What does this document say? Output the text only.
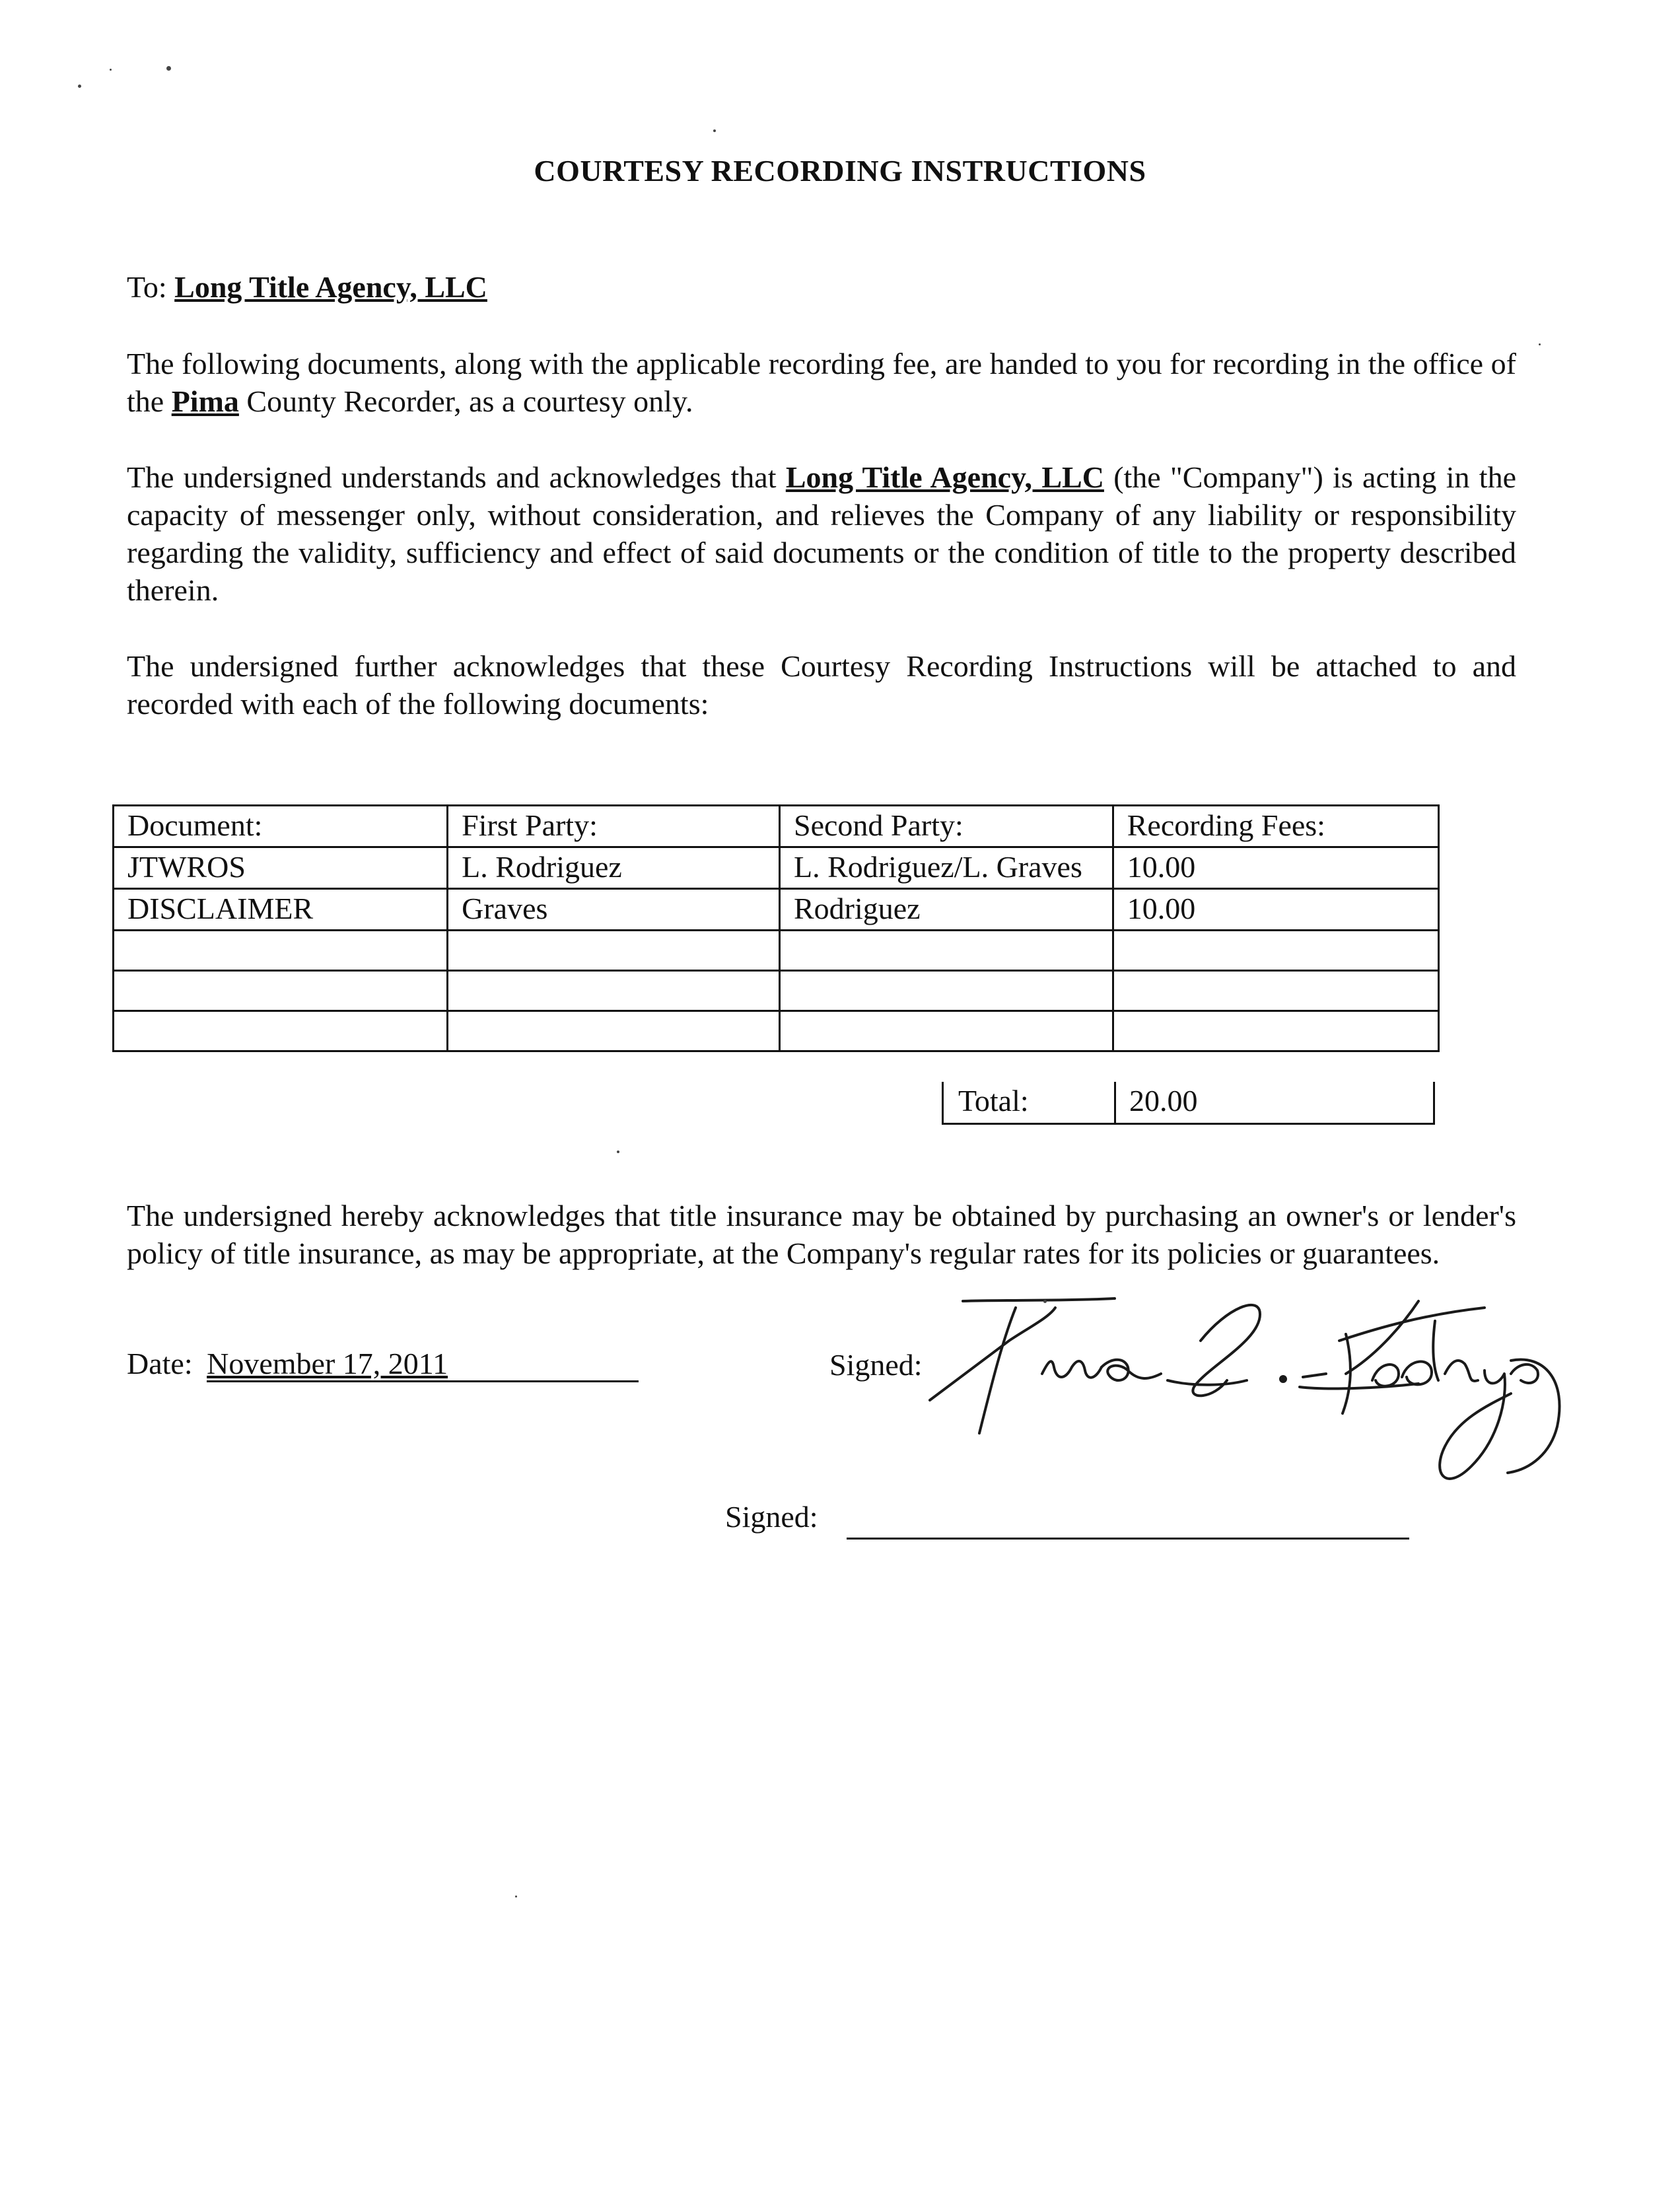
COURTESY RECORDING INSTRUCTIONS
To: Long Title Agency, LLC
The following documents, along with the applicable recording fee, are handed to you for recording in the office of the Pima County Recorder, as a courtesy only.
The undersigned understands and acknowledges that Long Title Agency, LLC (the "Company") is acting in the capacity of messenger only, without consideration, and relieves the Company of any liability or responsibility regarding the validity, sufficiency and effect of said documents or the condition of title to the property described therein.
The undersigned further acknowledges that these Courtesy Recording Instructions will be attached to and recorded with each of the following documents:
Document:	First Party:	Second Party:	Recording Fees:
JTWROS	L. Rodriguez	L. Rodriguez/L. Graves	10.00
DISCLAIMER	Graves	Rodriguez	10.00

Total:	20.00
The undersigned hereby acknowledges that title insurance may be obtained by purchasing an owner's or lender's policy of title insurance, as may be appropriate, at the Company's regular rates for its policies or guarantees.
Date: November 17, 2011	Signed:
Signed:
